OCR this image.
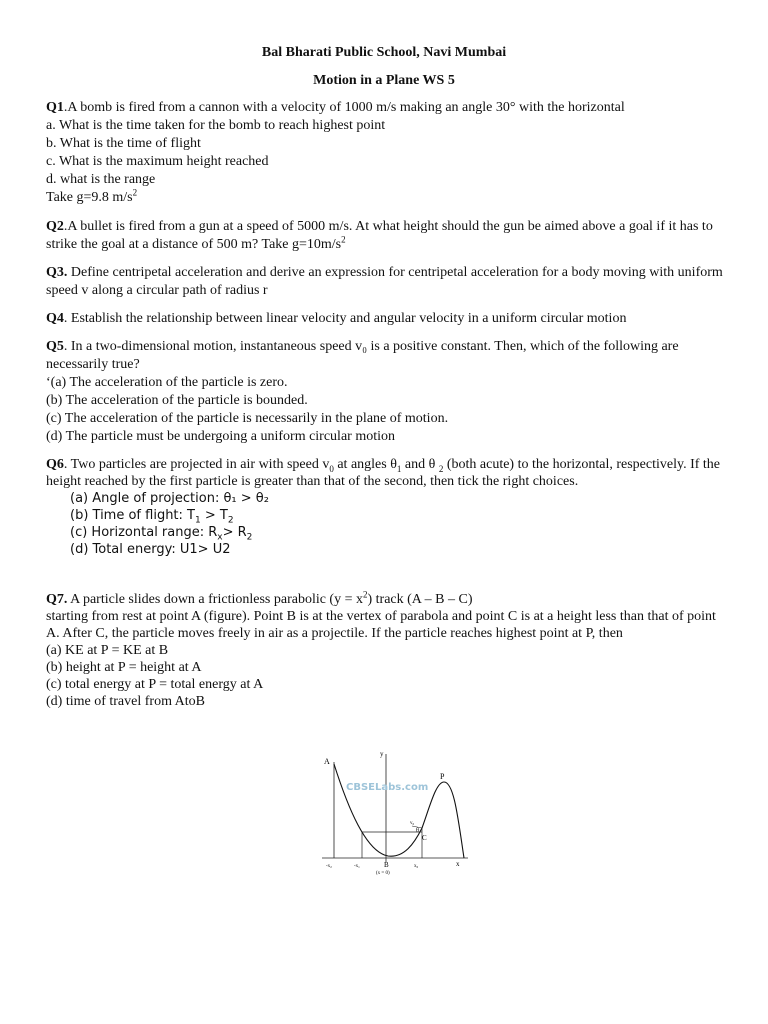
Bal Bharati Public School, Navi Mumbai
Motion in a Plane WS 5

Q1.A bomb is fired from a cannon with a velocity of 1000 m/s making an angle 30° with the horizontal

a. What is the time taken for the bomb to reach highest point

b. What is the time of flight

c. What is the maximum height reached

d. what is the range

Take g=9.8 $m/s^2$

Q2.A bullet is fired from a gun at a speed of 5000 m/s. At what height should the gun be aimed above a goal if it has to strike the goal at a distance of 500 m? Take $g=10m/s^2$

Q3. Define centripetal acceleration and derive an expression for centripetal acceleration for a body moving with uniform speed v along a circular path of radius r

Q4. Establish the relationship between linear velocity and angular velocity in a uniform circular motion

Q5. In a two-dimensional motion, instantaneous speed v₀ is a positive constant. Then, which of the following are necessarily true?

‘(a) The acceleration of the particle is zero.

(b) The acceleration of the particle is bounded.

(c) The acceleration of the particle is necessarily in the plane of motion.

(d) The particle must be undergoing a uniform circular motion

Q6. Two particles are projected in air with speed $v_0$ at angles $\theta_1$ and θ $_2$ (both acute) to the horizontal, respectively. If the height reached by the first particle is greater than that of the second, then tick the right choices.

(a) Angle of projection: θ₁ > θ₂

(b) Time of flight: $T_1 > T_2$

(c) Horizontal range: $R_x> R_2$

(d) Total energy: U1> U2

Q7. A particle slides down a frictionless parabolic $(y = x^2)$ track (A – B – C)

starting from rest at point A (figure). Point B is at the vertex of parabola and point C is at a height less than that of point A. After C, the particle moves freely in air as a projectile. If the particle reaches highest point at P, then

(a) KE at P = KE at B

(b) height at P = height at A

(c) total energy at P = total energy at A

(d) time of travel from AtoB

A
P
B
C
y
x
v₀
θ
-x₂	-x₁	x₀
(x = 0)
CBSELabs.com
